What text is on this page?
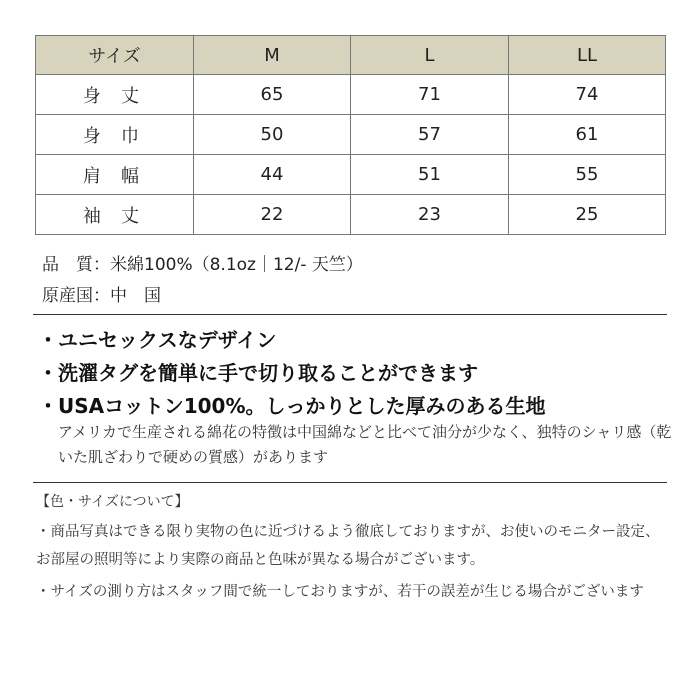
サイズ	M	L	LL
身 丈	65	71	74
身 巾	50	57	61
肩 幅	44	51	55
袖 丈	22	23	25
品　質：米綿100%（8.1oz｜12/- 天竺）
原産国：中　国
・ユニセックスなデザイン
・洗濯タグを簡単に手で切り取ることができます
・USAコットン100%。しっかりとした厚みのある生地
アメリカで生産される綿花の特徴は中国綿などと比べて油分が少なく、独特のシャリ感（乾いた肌ざわりで硬めの質感）があります
【色・サイズについて】
・商品写真はできる限り実物の色に近づけるよう徹底しておりますが、お使いのモニター設定、お部屋の照明等により実際の商品と色味が異なる場合がございます。
・サイズの測り方はスタッフ間で統一しておりますが、若干の誤差が生じる場合がございます
